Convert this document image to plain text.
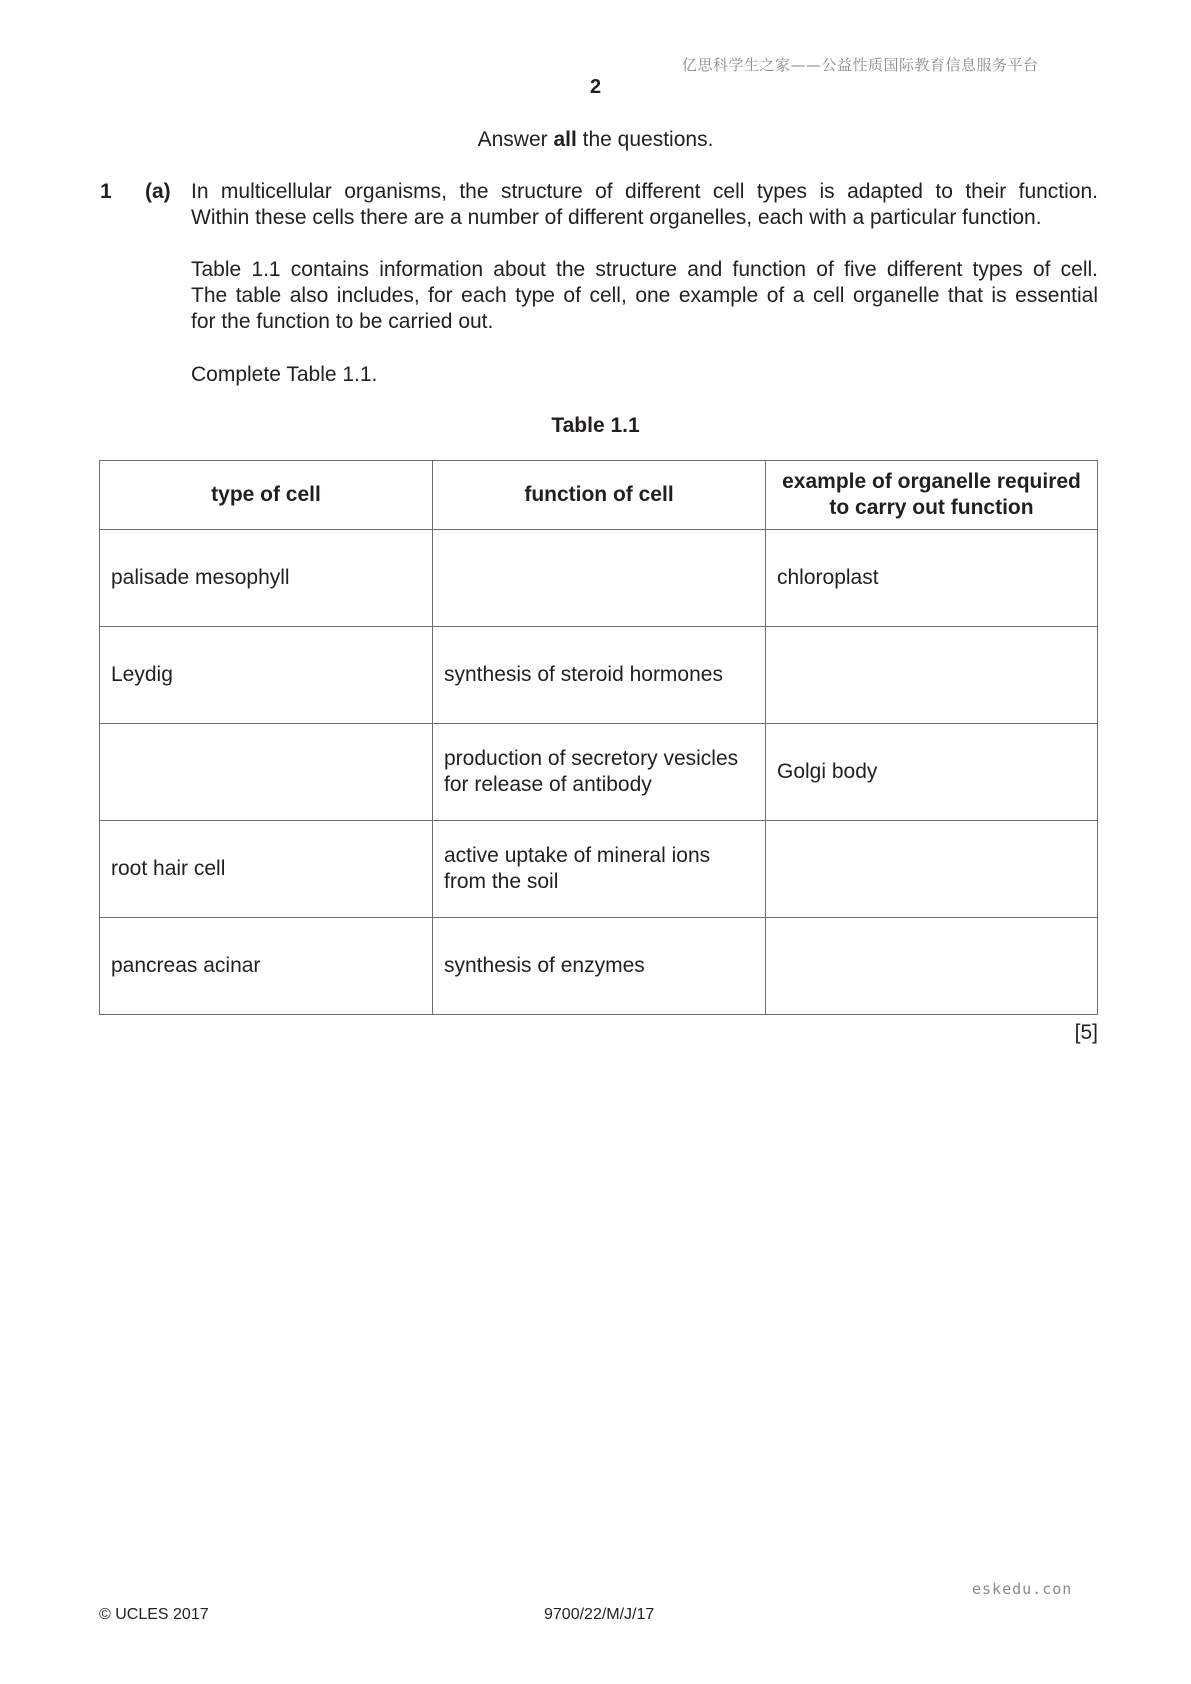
亿思科学生之家——公益性质国际教育信息服务平台
2
Answer all the questions.
1 (a) In multicellular organisms, the structure of different cell types is adapted to their function.
Within these cells there are a number of different organelles, each with a particular function.
Table 1.1 contains information about the structure and function of five different types of cell.
The table also includes, for each type of cell, one example of a cell organelle that is essential
for the function to be carried out.
Complete Table 1.1.
Table 1.1
type of cell	function of cell	example of organelle required to carry out function
palisade mesophyll		chloroplast
Leydig	synthesis of steroid hormones	
	production of secretory vesicles for release of antibody	Golgi body
root hair cell	active uptake of mineral ions from the soil	
pancreas acinar	synthesis of enzymes	
[5]
eskedu.con
© UCLES 2017	9700/22/M/J/17
